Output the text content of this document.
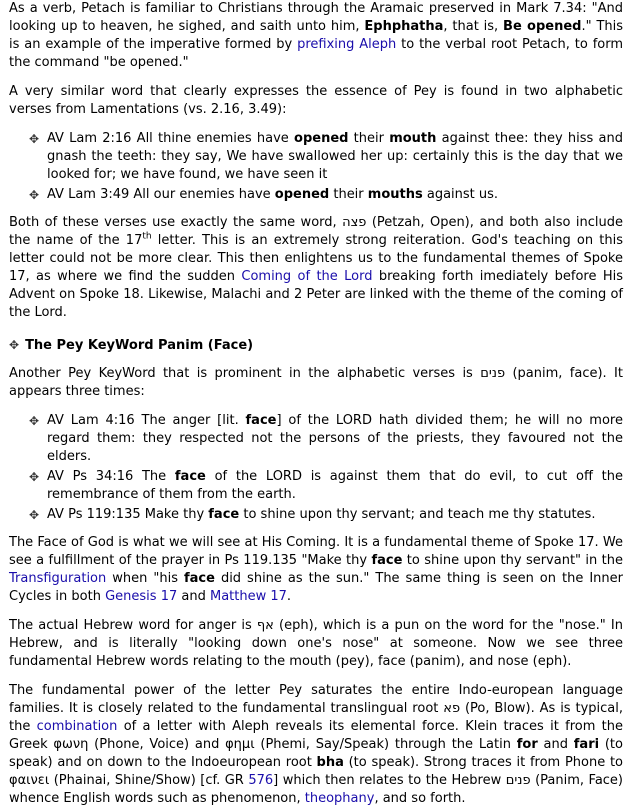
As a verb, Petach is familiar to Christians through the Aramaic preserved in Mark 7.34: "And looking up to heaven, he sighed, and saith unto him, Ephphatha, that is, Be opened." This is an example of the imperative formed by prefixing Aleph to the verbal root Petach, to form the command "be opened."

A very similar word that clearly expresses the essence of Pey is found in two alphabetic verses from Lamentations (vs. 2.16, 3.49):

✥ AV Lam 2:16 All thine enemies have opened their mouth against thee: they hiss and gnash the teeth: they say, We have swallowed her up: certainly this is the day that we looked for; we have found, we have seen it
✥ AV Lam 3:49 All our enemies have opened their mouths against us.

Both of these verses use exactly the same word, פצה (Petzah, Open), and both also include the name of the 17th letter. This is an extremely strong reiteration. God's teaching on this letter could not be more clear. This then enlightens us to the fundamental themes of Spoke 17, as where we find the sudden Coming of the Lord breaking forth imediately before His Advent on Spoke 18. Likewise, Malachi and 2 Peter are linked with the theme of the coming of the Lord.

✥ The Pey KeyWord Panim (Face)

Another Pey KeyWord that is prominent in the alphabetic verses is פנים (panim, face). It appears three times:

✥ AV Lam 4:16 The anger [lit. face] of the LORD hath divided them; he will no more regard them: they respected not the persons of the priests, they favoured not the elders.
✥ AV Ps 34:16 The face of the LORD is against them that do evil, to cut off the remembrance of them from the earth.
✥ AV Ps 119:135 Make thy face to shine upon thy servant; and teach me thy statutes.

The Face of God is what we will see at His Coming. It is a fundamental theme of Spoke 17. We see a fulfillment of the prayer in Ps 119.135 "Make thy face to shine upon thy servant" in the Transfiguration when "his face did shine as the sun." The same thing is seen on the Inner Cycles in both Genesis 17 and Matthew 17.

The actual Hebrew word for anger is אף (eph), which is a pun on the word for the "nose." In Hebrew, and is literally "looking down one's nose" at someone. Now we see three fundamental Hebrew words relating to the mouth (pey), face (panim), and nose (eph).

The fundamental power of the letter Pey saturates the entire Indo-european language families. It is closely related to the fundamental translingual root פא (Po, Blow). As is typical, the combination of a letter with Aleph reveals its elemental force. Klein traces it from the Greek φωνη (Phone, Voice) and φημι (Phemi, Say/Speak) through the Latin for and fari (to speak) and on down to the Indoeuropean root bha (to speak). Strong traces it from Phone to φαινει (Phainai, Shine/Show) [cf. GR 576] which then relates to the Hebrew פנים (Panim, Face) whence English words such as phenomenon, theophany, and so forth.
